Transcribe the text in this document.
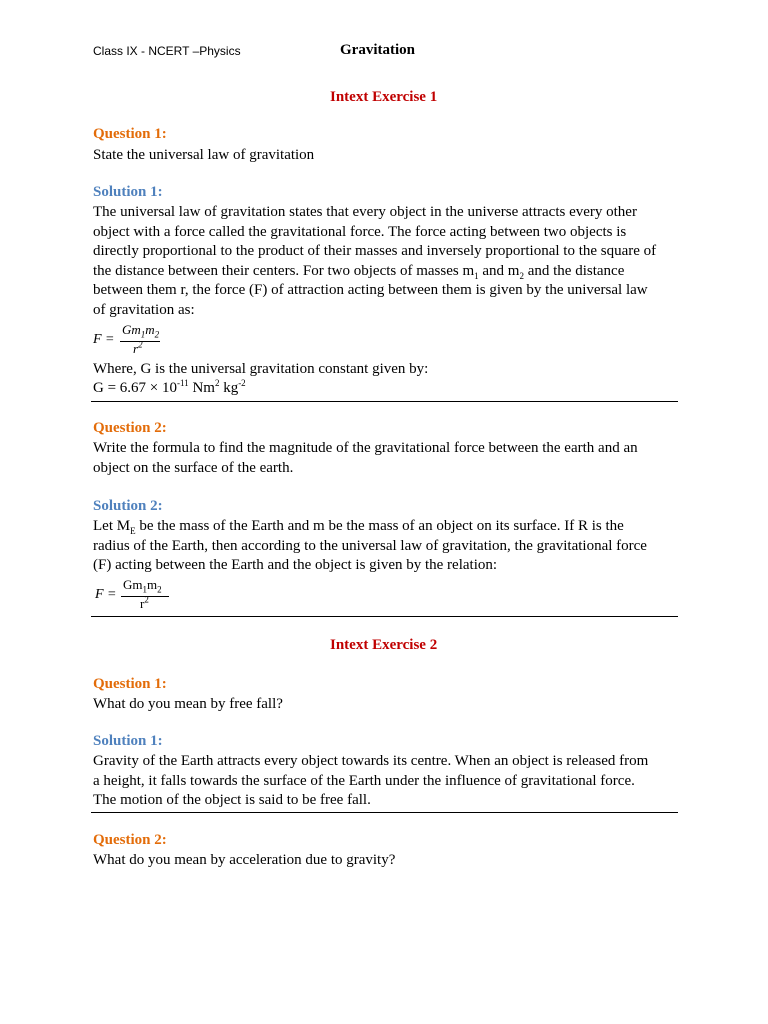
Class IX - NCERT –Physics	Gravitation
Intext Exercise 1
Question 1:
State the universal law of gravitation
Solution 1:
The universal law of gravitation states that every object in the universe attracts every other
object with a force called the gravitational force. The force acting between two objects is
directly proportional to the product of their masses and inversely proportional to the square of
the distance between their centers. For two objects of masses $m_1$ and $m_2$ and the distance
between them r, the force (F) of attraction acting between them is given by the universal law
of gravitation as:
F =
$Gm_1m_2$
$r^2$
Where, G is the universal gravitation constant given by:
$G = 6.67 \times 10^{-11}$ Nm$^2$ $kg^{-2}$
Question 2:
Write the formula to find the magnitude of the gravitational force between the earth and an
object on the surface of the earth.
Solution 2:
Let $M_E$ be the mass of the Earth and m be the mass of an object on its surface. If R is the
radius of the Earth, then according to the universal law of gravitation, the gravitational force
(F) acting between the Earth and the object is given by the relation:
F =
$Gm_1m_2$
$r^2$
Intext Exercise 2
Question 1:
What do you mean by free fall?
Solution 1:
Gravity of the Earth attracts every object towards its centre. When an object is released from
a height, it falls towards the surface of the Earth under the influence of gravitational force.
The motion of the object is said to be free fall.
Question 2:
What do you mean by acceleration due to gravity?
